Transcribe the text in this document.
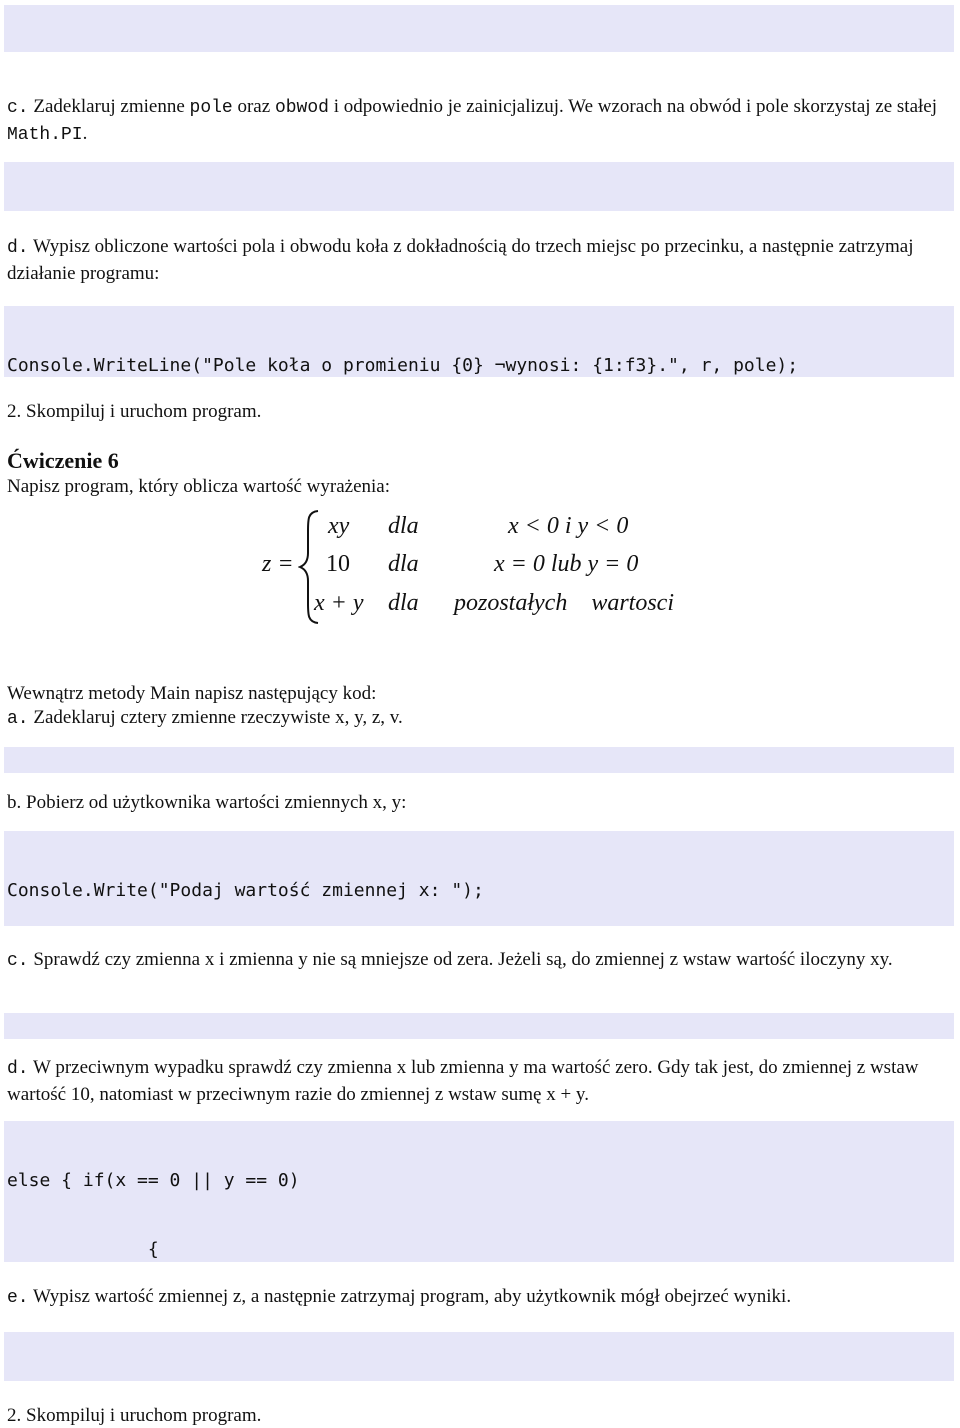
c. Zadeklaruj zmienne pole oraz obwod i odpowiednio je zainicjalizuj. We wzorach na obwód i pole skorzystaj ze stałej Math.PI.

d. Wypisz obliczone wartości pola i obwodu koła z dokładnością do trzech miejsc po przecinku, a następnie zatrzymaj działanie programu:

Console.WriteLine("Pole koła o promieniu {0} ¬wynosi: {1:f3}.", r, pole);

2. Skompiluj i uruchom program.
Ćwiczenie 6
Napisz program, który oblicza wartość wyrażenia:
z =
xy dla	x < 0 i y < 0
10 dla	x = 0 lub y = 0
x + y dla pozostałych    wartosci
Wewnątrz metody Main napisz następujący kod:
a. Zadeklaruj cztery zmienne rzeczywiste x, y, z, v.

b. Pobierz od użytkownika wartości zmiennych x, y:

Console.Write("Podaj wartość zmiennej x: ");

c. Sprawdź czy zmienna x i zmienna y nie są mniejsze od zera. Jeżeli są, do zmiennej z wstaw wartość iloczyny xy.

d. W przeciwnym wypadku sprawdź czy zmienna x lub zmienna y ma wartość zero. Gdy tak jest, do zmiennej z wstaw wartość 10, natomiast w przeciwnym razie do zmiennej z wstaw sumę x + y.

else { if(x == 0 || y == 0)

{

e. Wypisz wartość zmiennej z, a następnie zatrzymaj program, aby użytkownik mógł obejrzeć wyniki.

2. Skompiluj i uruchom program.
